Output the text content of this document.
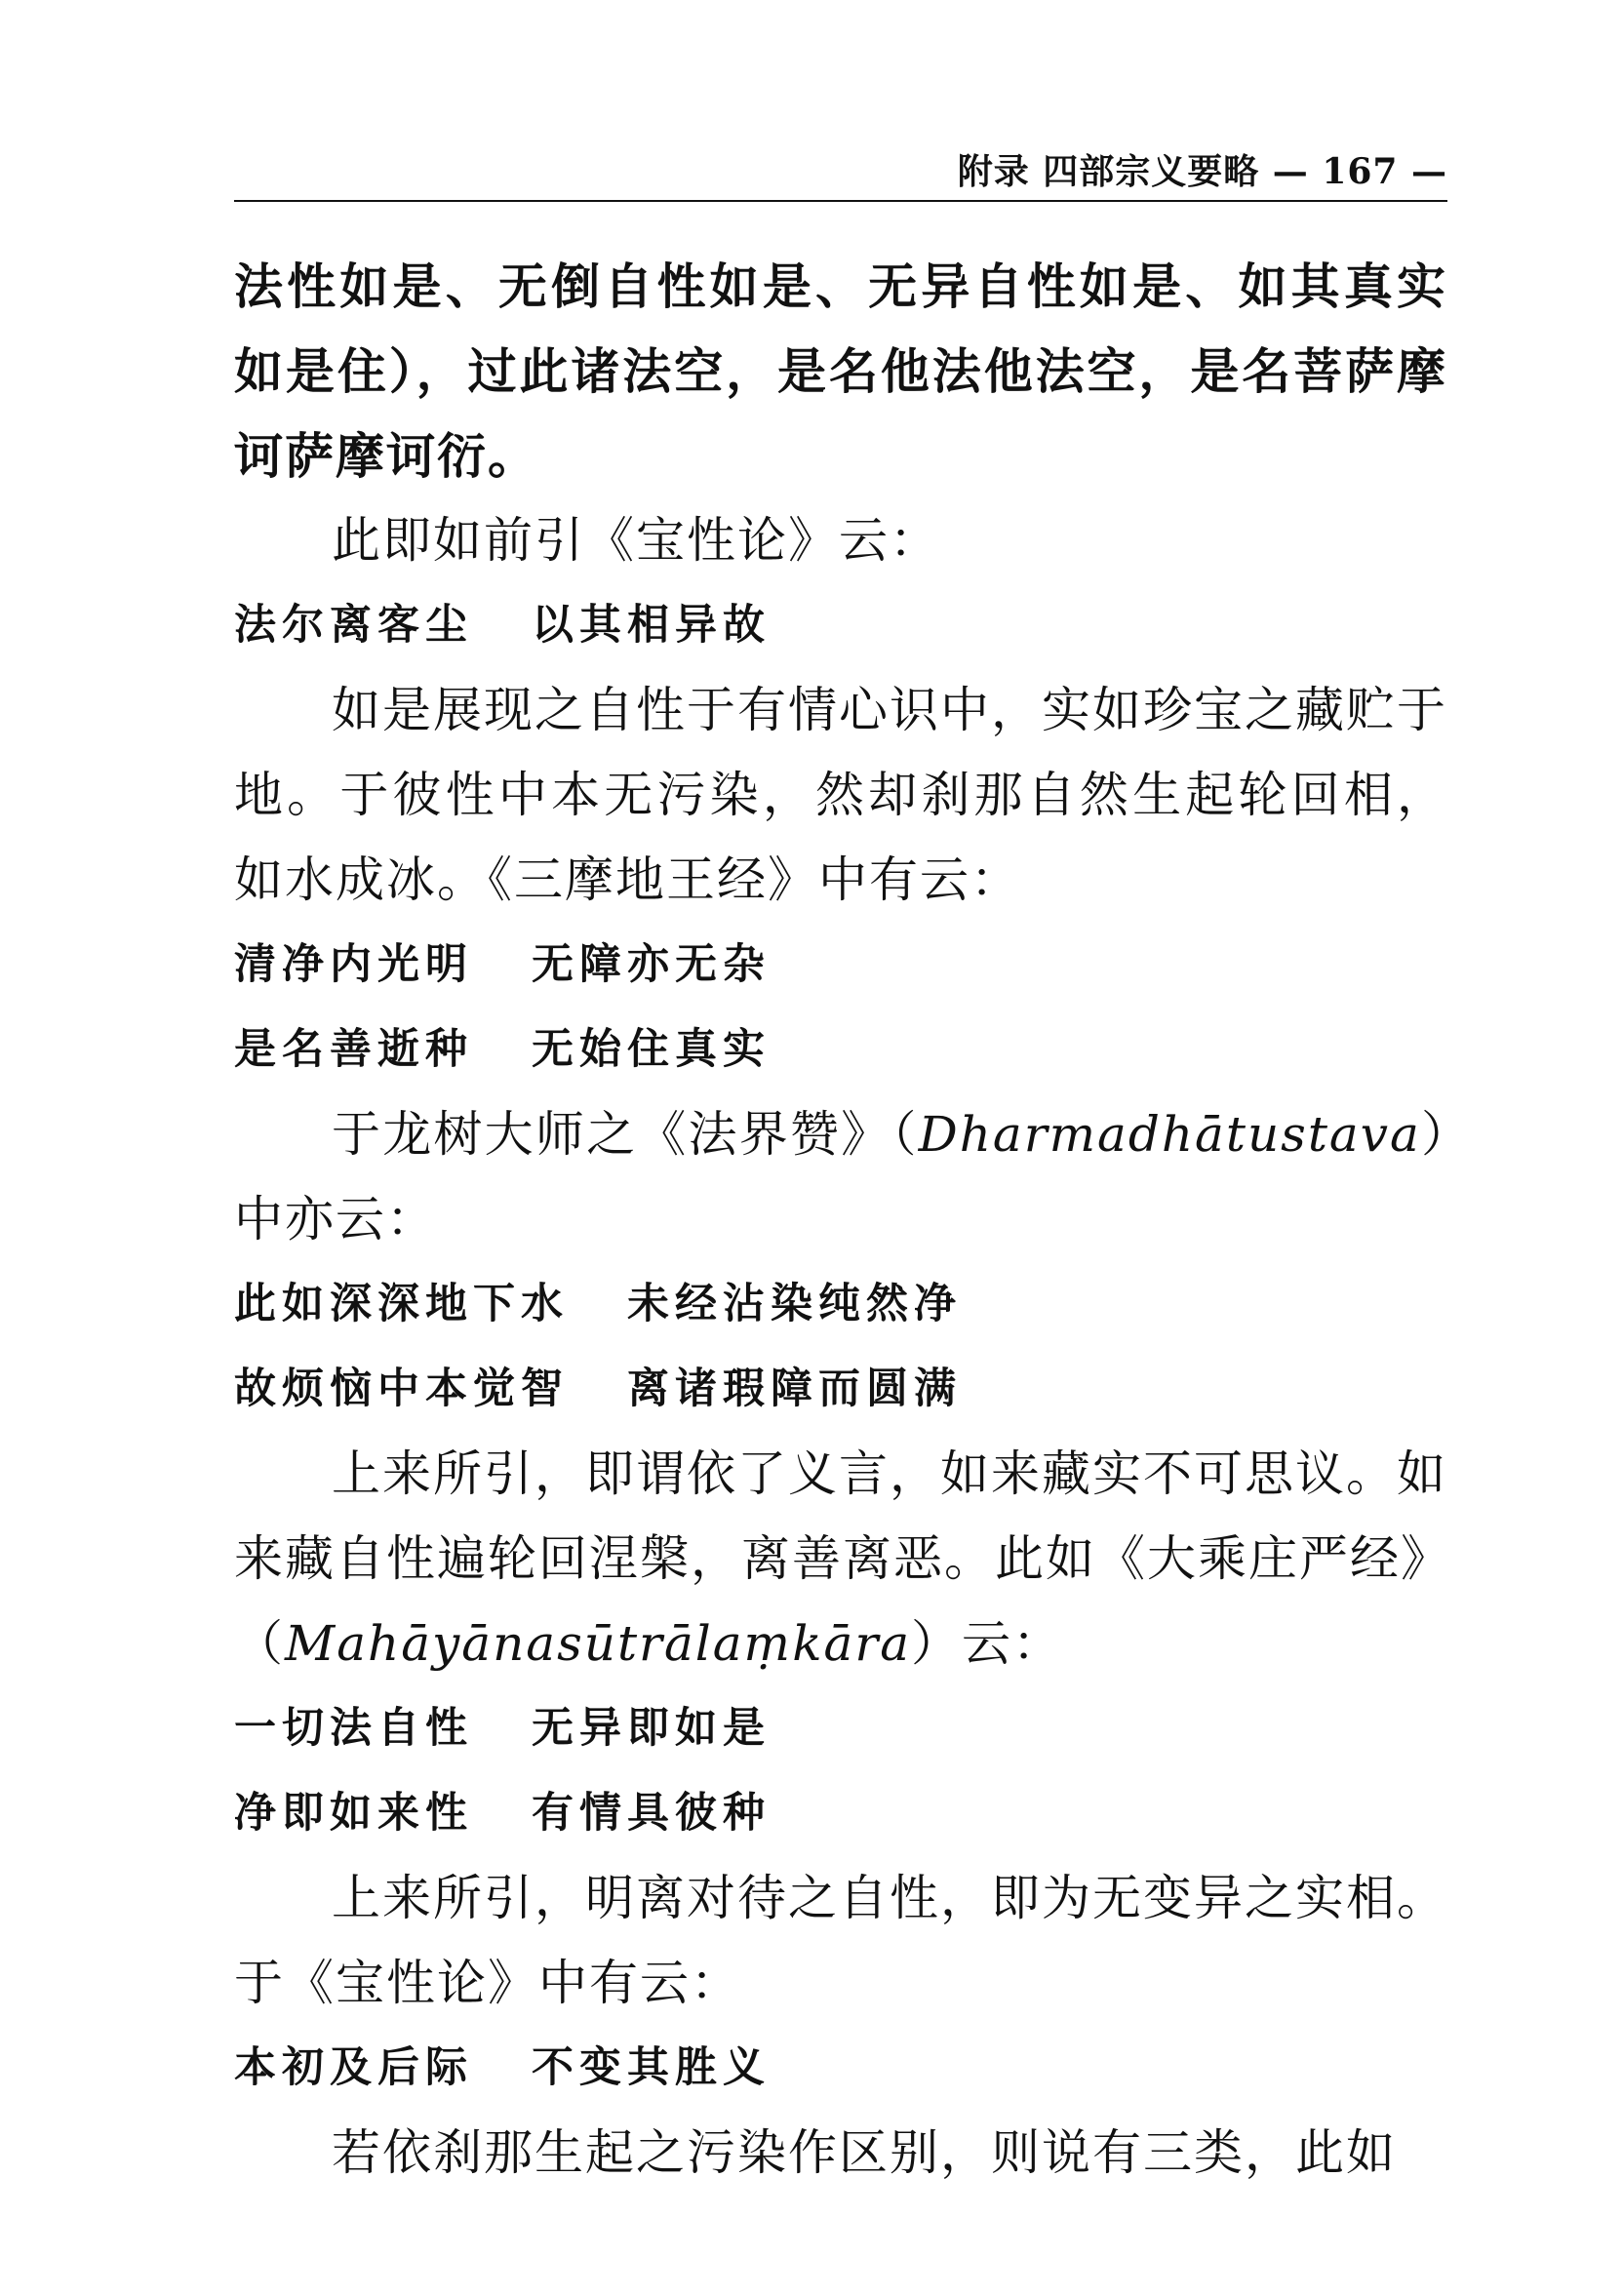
附录 四部宗义要略 — 167 —

法性如是、无倒自性如是、无异自性如是、如其真实如是住），过此诸法空，是名他法他法空，是名菩萨摩诃萨摩诃衍。

此即如前引《宝性论》云：

法尔离客尘 以其相异故

如是展现之自性于有情心识中，实如珍宝之藏贮于地。于彼性中本无污染，然却刹那自然生起轮回相，如水成冰。《三摩地王经》中有云：

清净内光明 无障亦无杂

是名善逝种 无始住真实

于龙树大师之《法界赞》（Dharmadhātustava）中亦云：

此如深深地下水 未经沾染纯然净

故烦恼中本觉智 离诸瑕障而圆满

上来所引，即谓依了义言，如来藏实不可思议。如来藏自性遍轮回涅槃，离善离恶。此如《大乘庄严经》

（Mahāyānasūtrālaṃkāra）云：

一切法自性 无异即如是

净即如来性 有情具彼种

上来所引，明离对待之自性，即为无变异之实相。于《宝性论》中有云：

本初及后际 不变其胜义

若依刹那生起之污染作区别，则说有三类，此如
